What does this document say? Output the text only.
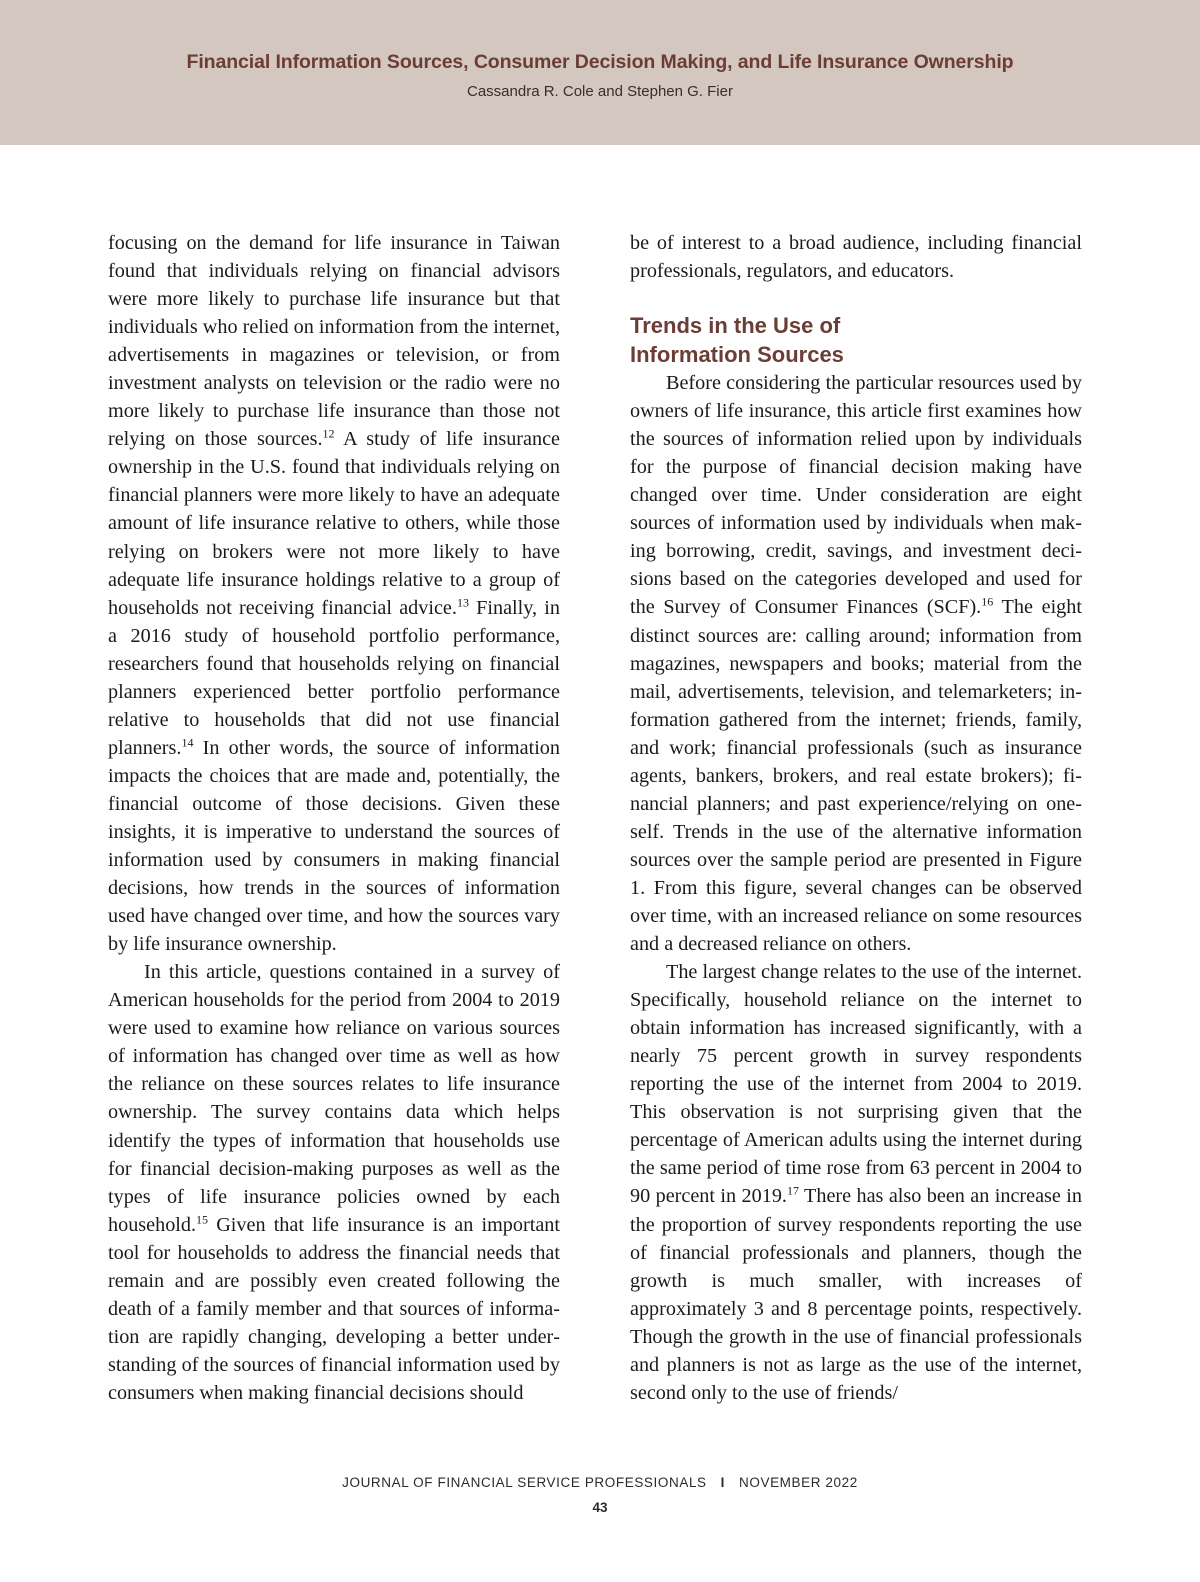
Financial Information Sources, Consumer Decision Making, and Life Insurance Ownership
Cassandra R. Cole and Stephen G. Fier

focusing on the demand for life insurance in Taiwan found that individuals relying on financial advisors were more likely to purchase life insurance but that individuals who relied on information from the internet, advertisements in magazines or television, or from investment analysts on television or the radio were no more likely to purchase life insurance than those not relying on those sources.$^{12}$ A study of life insurance ownership in the U.S. found that individuals relying on financial planners were more likely to have an adequate amount of life insurance relative to others, while those relying on brokers were not more likely to have adequate life insurance holdings relative to a group of households not receiving financial advice.$^{13}$ Finally, in a 2016 study of household portfolio performance, researchers found that households relying on financial planners experienced better portfolio performance relative to households that did not use financial planners.$^{14}$ In other words, the source of information impacts the choices that are made and, potentially, the financial outcome of those decisions. Given these insights, it is imperative to understand the sources of information used by consumers in making financial decisions, how trends in the sources of information used have changed over time, and how the sources vary by life insurance ownership.

In this article, questions contained in a survey of American households for the period from 2004 to 2019 were used to examine how reliance on various sources of information has changed over time as well as how the reliance on these sources relates to life insurance ownership. The survey contains data which helps identify the types of information that households use for financial decision-making purposes as well as the types of life insurance policies owned by each household.$^{15}$ Given that life insurance is an important tool for households to address the financial needs that remain and are possibly even created following the death of a family member and that sources of information are rapidly changing, developing a better understanding of the sources of financial information used by consumers when making financial decisions should

be of interest to a broad audience, including financial professionals, regulators, and educators.

Trends in the Use of
Information Sources

Before considering the particular resources used by owners of life insurance, this article first examines how the sources of information relied upon by individuals for the purpose of financial decision making have changed over time. Under consideration are eight sources of information used by individuals when making borrowing, credit, savings, and investment decisions based on the categories developed and used for the Survey of Consumer Finances (SCF).$^{16}$ The eight distinct sources are: calling around; information from magazines, newspapers and books; material from the mail, advertisements, television, and telemarketers; information gathered from the internet; friends, family, and work; financial professionals (such as insurance agents, bankers, brokers, and real estate brokers); financial planners; and past experience/relying on oneself. Trends in the use of the alternative information sources over the sample period are presented in Figure 1. From this figure, several changes can be observed over time, with an increased reliance on some resources and a decreased reliance on others.

The largest change relates to the use of the internet. Specifically, household reliance on the internet to obtain information has increased significantly, with a nearly 75 percent growth in survey respondents reporting the use of the internet from 2004 to 2019. This observation is not surprising given that the percentage of American adults using the internet during the same period of time rose from 63 percent in 2004 to 90 percent in 2019.17 There has also been an increase in the proportion of survey respondents reporting the use of financial professionals and planners, though the growth is much smaller, with increases of approximately 3 and 8 percentage points, respectively. Though the growth in the use of financial professionals and planners is not as large as the use of the internet, second only to the use of friends/

JOURNAL OF FINANCIAL SERVICE PROFESSIONALS I NOVEMBER 2022
43
